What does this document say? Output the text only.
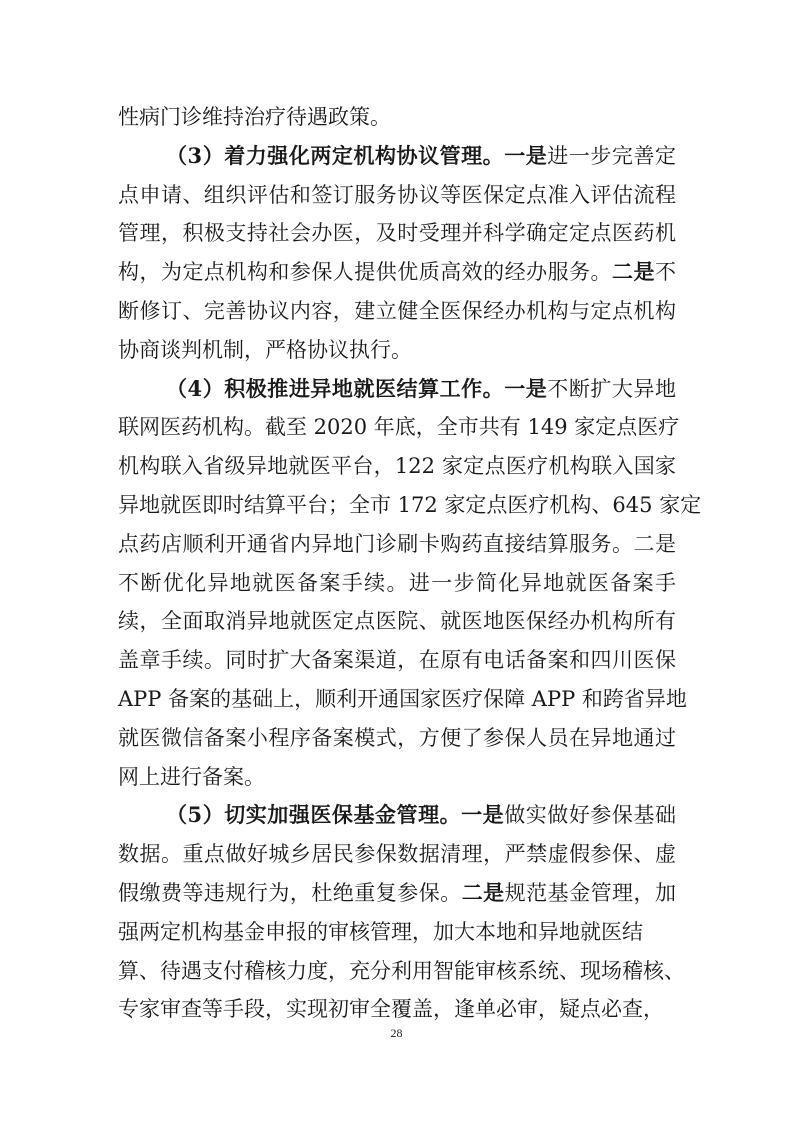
性病门诊维持治疗待遇政策。
（3）着力强化两定机构协议管理。一是进一步完善定
点申请、组织评估和签订服务协议等医保定点准入评估流程
管理，积极支持社会办医，及时受理并科学确定定点医药机
构，为定点机构和参保人提供优质高效的经办服务。二是不
断修订、完善协议内容，建立健全医保经办机构与定点机构
协商谈判机制，严格协议执行。
（4）积极推进异地就医结算工作。一是不断扩大异地
联网医药机构。截至 2020 年底，全市共有 149 家定点医疗
机构联入省级异地就医平台，122 家定点医疗机构联入国家
异地就医即时结算平台；全市 172 家定点医疗机构、645 家定
点药店顺利开通省内异地门诊刷卡购药直接结算服务。二是
不断优化异地就医备案手续。进一步简化异地就医备案手
续，全面取消异地就医定点医院、就医地医保经办机构所有
盖章手续。同时扩大备案渠道，在原有电话备案和四川医保
APP 备案的基础上，顺利开通国家医疗保障 APP 和跨省异地
就医微信备案小程序备案模式，方便了参保人员在异地通过
网上进行备案。
（5）切实加强医保基金管理。一是做实做好参保基础
数据。重点做好城乡居民参保数据清理，严禁虚假参保、虚
假缴费等违规行为，杜绝重复参保。二是规范基金管理，加
强两定机构基金申报的审核管理，加大本地和异地就医结
算、待遇支付稽核力度，充分利用智能审核系统、现场稽核、
专家审查等手段，实现初审全覆盖，逢单必审，疑点必查，
28
